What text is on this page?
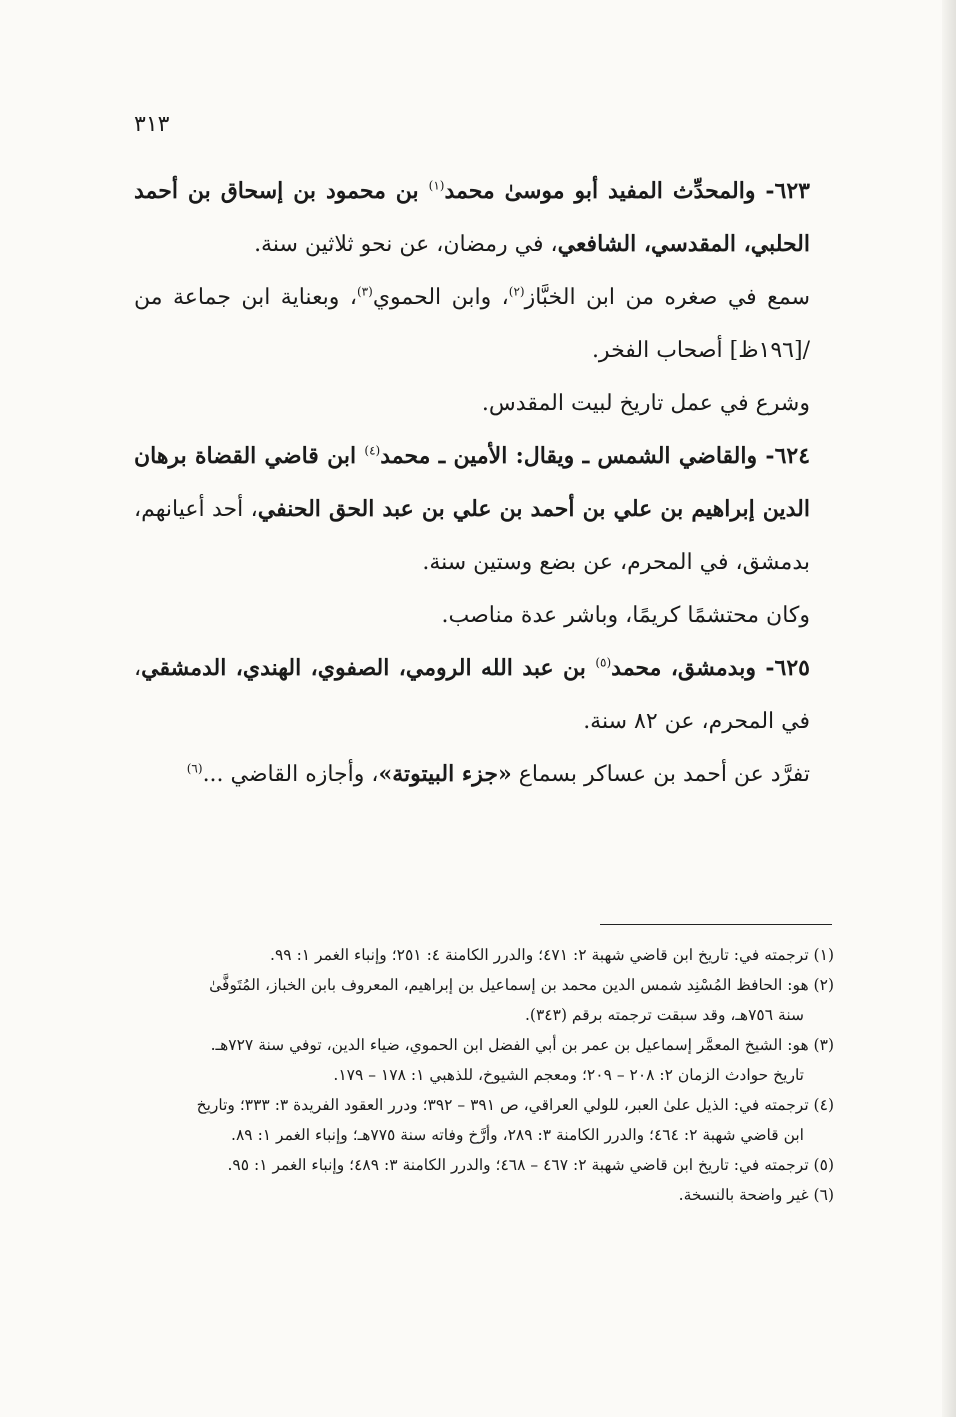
٣١٣

٦٢٣- والمحدِّث المفيد أبو موسىٰ محمد$^{(١)}$ بن محمود بن إسحاق بن أحمد الحلبي، المقدسي، الشافعي، في رمضان، عن نحو ثلاثين سنة.

سمع في صغره من ابن الخبَّاز$^{(٢)}$، وابن الحموي$^{(٣)}$، وبعناية ابن جماعة من /[١٩٦ظ] أصحاب الفخر.

وشرع في عمل تاريخ لبيت المقدس.

٦٢٤- والقاضي الشمس ـ ويقال: الأمين ـ محمد$^{(٤)}$ ابن قاضي القضاة برهان الدين إبراهيم بن علي بن أحمد بن علي بن عبد الحق الحنفي، أحد أعيانهم، بدمشق، في المحرم، عن بضع وستين سنة.

وكان محتشمًا كريمًا، وباشر عدة مناصب.

٦٢٥- وبدمشق، محمد$^{(٥)}$ بن عبد الله الرومي، الصفوي، الهندي، الدمشقي، في المحرم، عن ٨٢ سنة.

تفرَّد عن أحمد بن عساكر بسماع «جزء البيتوتة»، وأجازه القاضي ...$^{(٦)}$

(١) ترجمته في: تاريخ ابن قاضي شهبة ٢: ٤٧١؛ والدرر الكامنة ٤: ٢٥١؛ وإنباء الغمر ١: ٩٩.

(٢) هو: الحافظ المُسْنِد شمس الدين محمد بن إسماعيل بن إبراهيم، المعروف بابن الخباز، المُتَوفَّىٰ

سنة ٧٥٦هـ، وقد سبقت ترجمته برقم (٣٤٣).

(٣) هو: الشيخ المعمَّر إسماعيل بن عمر بن أبي الفضل ابن الحموي، ضياء الدين، توفي سنة ٧٢٧هـ.

تاريخ حوادث الزمان ٢: ٢٠٨ – ٢٠٩؛ ومعجم الشيوخ، للذهبي ١: ١٧٨ – ١٧٩.

(٤) ترجمته في: الذيل علىٰ العبر، للولي العراقي، ص ٣٩١ – ٣٩٢؛ ودرر العقود الفريدة ٣: ٣٣٣؛ وتاريخ

ابن قاضي شهبة ٢: ٤٦٤؛ والدرر الكامنة ٣: ٢٨٩، وأرَّخ وفاته سنة ٧٧٥هـ؛ وإنباء الغمر ١: ٨٩.

(٥) ترجمته في: تاريخ ابن قاضي شهبة ٢: ٤٦٧ – ٤٦٨؛ والدرر الكامنة ٣: ٤٨٩؛ وإنباء الغمر ١: ٩٥.

(٦) غير واضحة بالنسخة.
